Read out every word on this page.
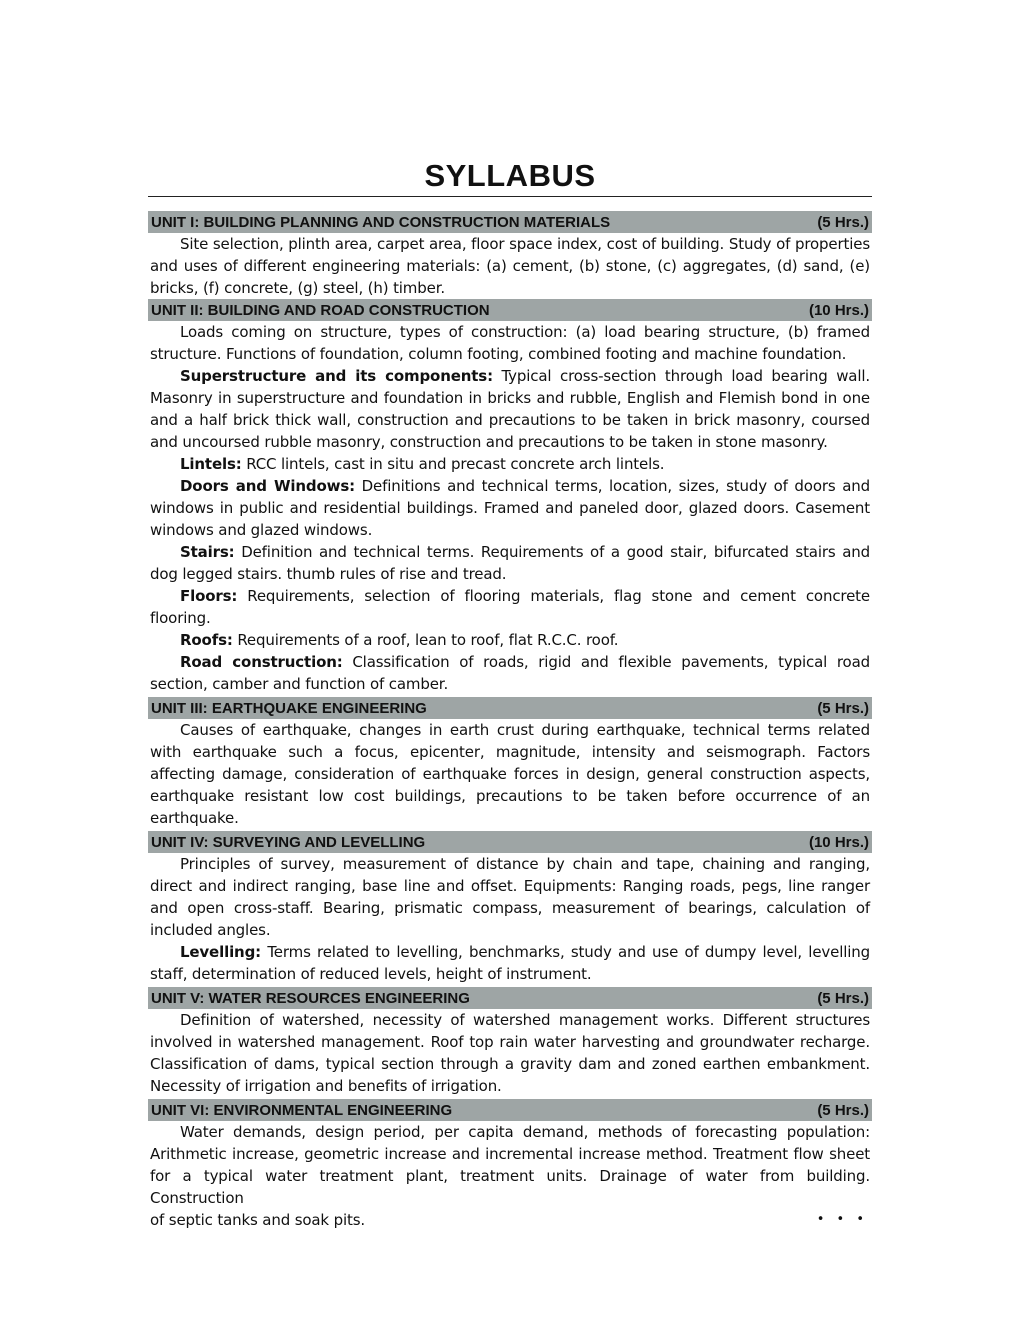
SYLLABUS
UNIT I: BUILDING PLANNING AND CONSTRUCTION MATERIALS	(5 Hrs.)

Site selection, plinth area, carpet area, floor space index, cost of building. Study of properties and uses of different engineering materials: (a) cement, (b) stone, (c) aggregates, (d) sand, (e) bricks, (f) concrete, (g) steel, (h) timber.

UNIT II: BUILDING AND ROAD CONSTRUCTION	(10 Hrs.)

Loads coming on structure, types of construction: (a) load bearing structure, (b) framed structure. Functions of foundation, column footing, combined footing and machine foundation.

Superstructure and its components: Typical cross-section through load bearing wall. Masonry in superstructure and foundation in bricks and rubble, English and Flemish bond in one and a half brick thick wall, construction and precautions to be taken in brick masonry, coursed and uncoursed rubble masonry, construction and precautions to be taken in stone masonry.

Lintels: RCC lintels, cast in situ and precast concrete arch lintels.

Doors and Windows: Definitions and technical terms, location, sizes, study of doors and windows in public and residential buildings. Framed and paneled door, glazed doors. Casement windows and glazed windows.

Stairs: Definition and technical terms. Requirements of a good stair, bifurcated stairs and dog legged stairs. thumb rules of rise and tread.

Floors: Requirements, selection of flooring materials, flag stone and cement concrete flooring.

Roofs: Requirements of a roof, lean to roof, flat R.C.C. roof.

Road construction: Classification of roads, rigid and flexible pavements, typical road section, camber and function of camber.

UNIT III: EARTHQUAKE ENGINEERING	(5 Hrs.)

Causes of earthquake, changes in earth crust during earthquake, technical terms related with earthquake such a focus, epicenter, magnitude, intensity and seismograph. Factors affecting damage, consideration of earthquake forces in design, general construction aspects, earthquake resistant low cost buildings, precautions to be taken before occurrence of an earthquake.

UNIT IV: SURVEYING AND LEVELLING	(10 Hrs.)

Principles of survey, measurement of distance by chain and tape, chaining and ranging, direct and indirect ranging, base line and offset. Equipments: Ranging roads, pegs, line ranger and open cross-staff. Bearing, prismatic compass, measurement of bearings, calculation of included angles.

Levelling: Terms related to levelling, benchmarks, study and use of dumpy level, levelling staff, determination of reduced levels, height of instrument.

UNIT V: WATER RESOURCES ENGINEERING	(5 Hrs.)

Definition of watershed, necessity of watershed management works. Different structures involved in watershed management. Roof top rain water harvesting and groundwater recharge. Classification of dams, typical section through a gravity dam and zoned earthen embankment. Necessity of irrigation and benefits of irrigation.

UNIT VI: ENVIRONMENTAL ENGINEERING	(5 Hrs.)

Water demands, design period, per capita demand, methods of forecasting population: Arithmetic increase, geometric increase and incremental increase method. Treatment flow sheet for a typical water treatment plant, treatment units. Drainage of water from building. Construction

of septic tanks and soak pits.	• • •
